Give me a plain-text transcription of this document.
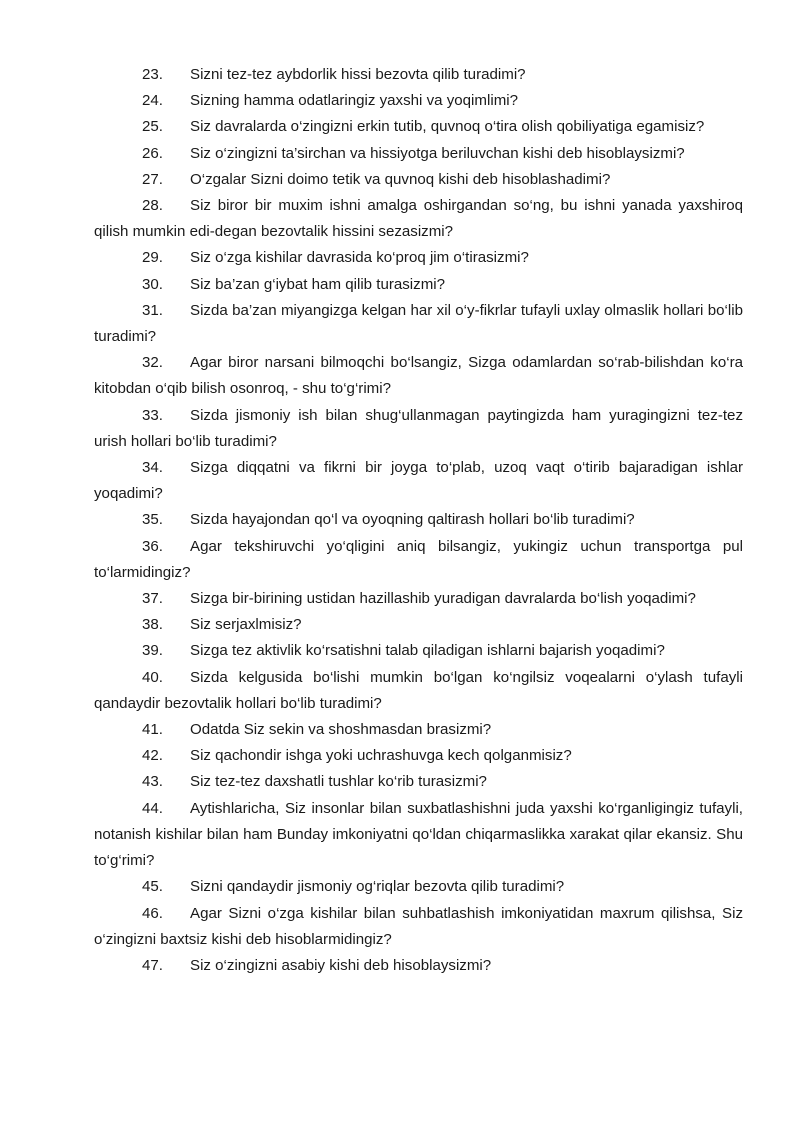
23. Sizni tez-tez aybdorlik hissi bezovta qilib turadimi?

24. Sizning hamma odatlaringiz yaxshi va yoqimlimi?

25. Siz davralarda o‘zingizni erkin tutib, quvnoq o‘tira olish qobiliyatiga egamisiz?

26. Siz o‘zingizni ta’sirchan va hissiyotga beriluvchan kishi deb hisoblaysizmi?

27. O‘zgalar Sizni doimo tetik va quvnoq kishi deb hisoblashadimi?

28. Siz biror bir muxim ishni amalga oshirgandan so‘ng, bu ishni yanada yaxshiroq qilish mumkin edi-degan bezovtalik hissini sezasizmi?

29. Siz o‘zga kishilar davrasida ko‘proq jim o‘tirasizmi?

30. Siz ba’zan g‘iybat ham qilib turasizmi?

31. Sizda ba’zan miyangizga kelgan har xil o‘y-fikrlar tufayli uxlay olmaslik hollari bo‘lib turadimi?

32. Agar biror narsani bilmoqchi bo‘lsangiz, Sizga odamlardan so‘rab-bilishdan ko‘ra kitobdan o‘qib bilish osonroq, - shu to‘g‘rimi?

33. Sizda jismoniy ish bilan shug‘ullanmagan paytingizda ham yuragingizni tez-tez urish hollari bo‘lib turadimi?

34. Sizga diqqatni va fikrni bir joyga to‘plab, uzoq vaqt o‘tirib bajaradigan ishlar yoqadimi?

35. Sizda hayajondan qo‘l va oyoqning qaltirash hollari bo‘lib turadimi?

36. Agar tekshiruvchi yo‘qligini aniq bilsangiz, yukingiz uchun transportga pul to‘larmidingiz?

37. Sizga bir-birining ustidan hazillashib yuradigan davralarda bo‘lish yoqadimi?

38. Siz serjaxlmisiz?

39. Sizga tez aktivlik ko‘rsatishni talab qiladigan ishlarni bajarish yoqadimi?

40. Sizda kelgusida bo‘lishi mumkin bo‘lgan ko‘ngilsiz voqealarni o‘ylash tufayli qandaydir bezovtalik hollari bo‘lib turadimi?

41. Odatda Siz sekin va shoshmasdan brasizmi?

42. Siz qachondir ishga yoki uchrashuvga kech qolganmisiz?

43. Siz tez-tez daxshatli tushlar ko‘rib turasizmi?

44. Aytishlaricha, Siz insonlar bilan suxbatlashishni juda yaxshi ko‘rganligingiz tufayli, notanish kishilar bilan ham Bunday imkoniyatni qo‘ldan chiqarmaslikka xarakat qilar ekansiz. Shu to‘g‘rimi?

45. Sizni qandaydir jismoniy og‘riqlar bezovta qilib turadimi?

46. Agar Sizni o‘zga kishilar bilan suhbatlashish imkoniyatidan maxrum qilishsa, Siz o‘zingizni baxtsiz kishi deb hisoblarmidingiz?

47. Siz o‘zingizni asabiy kishi deb hisoblaysizmi?
